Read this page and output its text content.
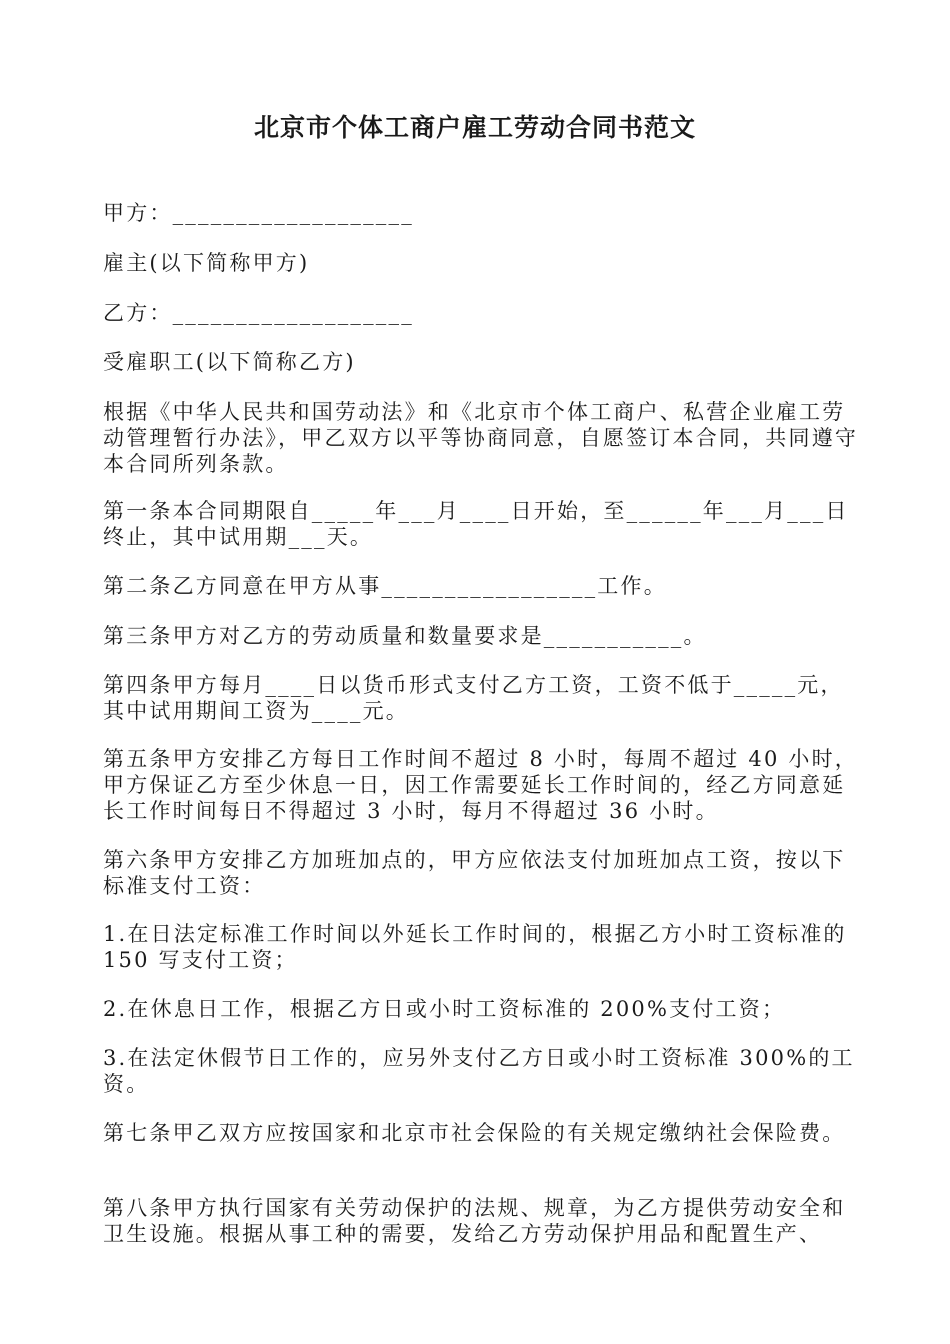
北京市个体工商户雇工劳动合同书范文

甲方：___________________

雇主(以下简称甲方)

乙方：___________________

受雇职工(以下简称乙方)

根据《中华人民共和国劳动法》和《北京市个体工商户、私营企业雇工劳动管理暂行办法》，甲乙双方以平等协商同意，自愿签订本合同，共同遵守本合同所列条款。

第一条本合同期限自_____年___月____日开始，至______年___月___日终止，其中试用期___天。

第二条乙方同意在甲方从事_________________工作。

第三条甲方对乙方的劳动质量和数量要求是___________。

第四条甲方每月____日以货币形式支付乙方工资，工资不低于_____元，其中试用期间工资为____元。

第五条甲方安排乙方每日工作时间不超过 8 小时，每周不超过 40 小时，甲方保证乙方至少休息一日，因工作需要延长工作时间的，经乙方同意延长工作时间每日不得超过 3 小时，每月不得超过 36 小时。

第六条甲方安排乙方加班加点的，甲方应依法支付加班加点工资，按以下标准支付工资：

1.在日法定标准工作时间以外延长工作时间的，根据乙方小时工资标准的 150 写支付工资；

2.在休息日工作，根据乙方日或小时工资标准的 200%支付工资；

3.在法定休假节日工作的，应另外支付乙方日或小时工资标准 300%的工资。

第七条甲乙双方应按国家和北京市社会保险的有关规定缴纳社会保险费。

第八条甲方执行国家有关劳动保护的法规、规章，为乙方提供劳动安全和卫生设施。根据从事工种的需要，发给乙方劳动保护用品和配置生产、
